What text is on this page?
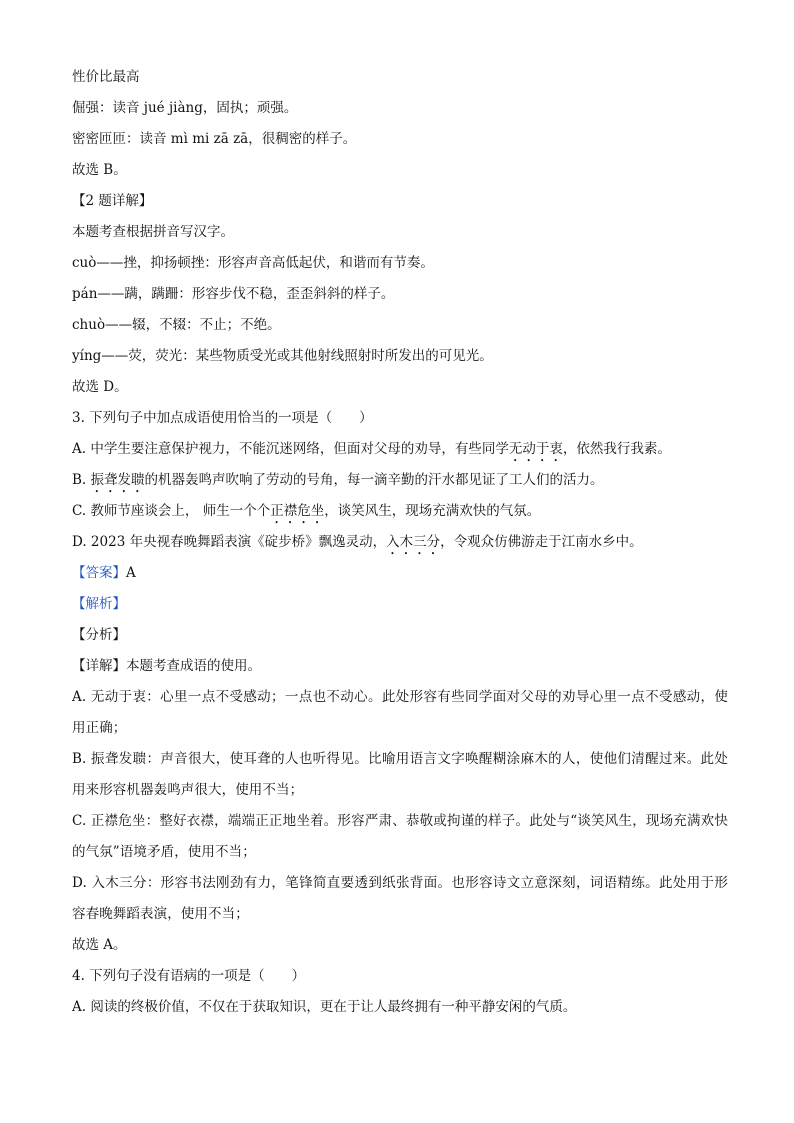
性价比最高
倔强：读音 jué jiàng，固执；顽强。
密密匝匝：读音 mì mi zā zā，很稠密的样子。
故选 B。
【2 题详解】
本题考查根据拼音写汉字。
cuò——挫，抑扬顿挫：形容声音高低起伏，和谐而有节奏。
pán——蹒，蹒跚：形容步伐不稳，歪歪斜斜的样子。
chuò——辍，不辍：不止；不绝。
yíng——荧，荧光：某些物质受光或其他射线照射时所发出的可见光。
故选 D。
3. 下列句子中加点成语使用恰当的一项是（　　）
A. 中学生要注意保护视力，不能沉迷网络，但面对父母的劝导，有些同学无动于衷，依然我行我素。
B. 振聋发聩的机器轰鸣声吹响了劳动的号角，每一滴辛勤的汗水都见证了工人们的活力。
C. 教师节座谈会上， 师生一个个正襟危坐，谈笑风生，现场充满欢快的气氛。
D. 2023 年央视春晚舞蹈表演《碇步桥》飘逸灵动，入木三分，令观众仿佛游走于江南水乡中。
【答案】A
【解析】
【分析】
【详解】本题考查成语的使用。
A. 无动于衷：心里一点不受感动；一点也不动心。此处形容有些同学面对父母的劝导心里一点不受感动，使用正确；
B. 振聋发聩：声音很大，使耳聋的人也听得见。比喻用语言文字唤醒糊涂麻木的人，使他们清醒过来。此处用来形容机器轰鸣声很大，使用不当；
C. 正襟危坐：整好衣襟，端端正正地坐着。形容严肃、恭敬或拘谨的样子。此处与“谈笑风生，现场充满欢快的气氛”语境矛盾，使用不当；
D. 入木三分：形容书法刚劲有力，笔锋简直要透到纸张背面。也形容诗文立意深刻，词语精练。此处用于形容春晚舞蹈表演，使用不当；
故选 A。
4. 下列句子没有语病的一项是（　　）
A. 阅读的终极价值，不仅在于获取知识，更在于让人最终拥有一种平静安闲的气质。
